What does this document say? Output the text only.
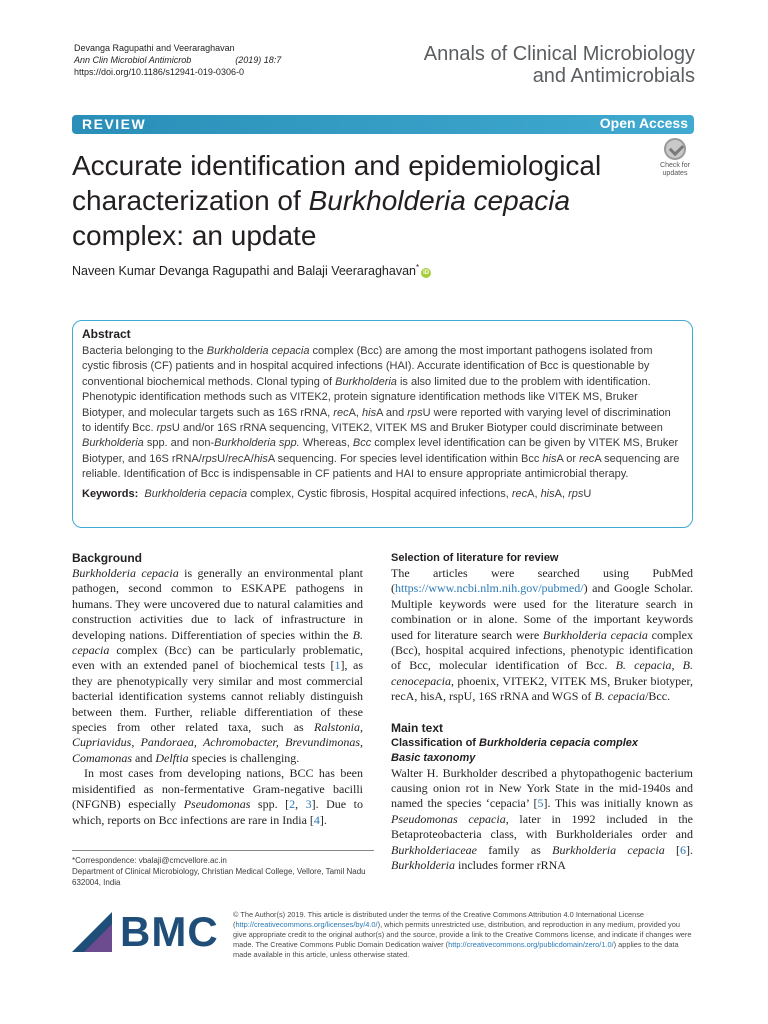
Devanga Ragupathi and Veeraraghavan
Ann Clin Microbiol Antimicrob	(2019) 18:7
https://doi.org/10.1186/s12941-019-0306-0
Annals of Clinical Microbiology
and Antimicrobials
REVIEW	Open Access
Accurate identification and epidemiological characterization of Burkholderia cepacia complex: an update
Check for
updates
Naveen Kumar Devanga Ragupathi and Balaji Veeraraghavan*iD
Abstract

Bacteria belonging to the Burkholderia cepacia complex (Bcc) are among the most important pathogens isolated from cystic fibrosis (CF) patients and in hospital acquired infections (HAI). Accurate identification of Bcc is questionable by conventional biochemical methods. Clonal typing of Burkholderia is also limited due to the problem with identification. Phenotypic identification methods such as VITEK2, protein signature identification methods like VITEK MS, Bruker Biotyper, and molecular targets such as 16S rRNA, recA, hisA and rpsU were reported with varying level of discrimination to identify Bcc. rpsU and/or 16S rRNA sequencing, VITEK2, VITEK MS and Bruker Biotyper could discriminate between Burkholderia spp. and non-Burkholderia spp. Whereas, Bcc complex level identification can be given by VITEK MS, Bruker Biotyper, and 16S rRNA/rpsU/recA/hisA sequencing. For species level identification within Bcc hisA or recA sequencing are reliable. Identification of Bcc is indispensable in CF patients and HAI to ensure appropriate antimicrobial therapy.

Keywords: Burkholderia cepacia complex, Cystic fibrosis, Hospital acquired infections, recA, hisA, rpsU
Background

Burkholderia cepacia is generally an environmental plant pathogen, second common to ESKAPE pathogens in humans. They were uncovered due to natural calamities and construction activities due to lack of infrastructure in developing nations. Differentiation of species within the B. cepacia complex (Bcc) can be particularly problematic, even with an extended panel of biochemical tests [1], as they are phenotypically very similar and most commercial bacterial identification systems cannot reliably distinguish between them. Further, reliable differentiation of these species from other related taxa, such as Ralstonia, Cupriavidus, Pandoraea, Achromobacter, Brevundimonas, Comamonas and Delftia species is challenging.

In most cases from developing nations, BCC has been misidentified as non-fermentative Gram-negative bacilli (NFGNB) especially Pseudomonas spp. [2, 3]. Due to which, reports on Bcc infections are rare in India [4].

*Correspondence: vbalaji@cmcvellore.ac.in
Department of Clinical Microbiology, Christian Medical College, Vellore, Tamil Nadu 632004, India
Selection of literature for review

The articles were searched using PubMed (https://www.ncbi.nlm.nih.gov/pubmed/) and Google Scholar. Multiple keywords were used for the literature search in combination or in alone. Some of the important keywords used for literature search were Burkholderia cepacia complex (Bcc), hospital acquired infections, phenotypic identification of Bcc, molecular identification of Bcc. B. cepacia, B. cenocepacia, phoenix, VITEK2, VITEK MS, Bruker biotyper, recA, hisA, rspU, 16S rRNA and WGS of B. cepacia/Bcc.

Main text
Classification of Burkholderia cepacia complex
Basic taxonomy

Walter H. Burkholder described a phytopathogenic bacterium causing onion rot in New York State in the mid-1940s and named the species ‘cepacia’ [5]. This was initially known as Pseudomonas cepacia, later in 1992 included in the Betaproteobacteria class, with Burkholderiales order and Burkholderiaceae family as Burkholderia cepacia [6]. Burkholderia includes former rRNA

BMC © The Author(s) 2019. This article is distributed under the terms of the Creative Commons Attribution 4.0 International License (http://creativecommons.org/licenses/by/4.0/), which permits unrestricted use, distribution, and reproduction in any medium, provided you give appropriate credit to the original author(s) and the source, provide a link to the Creative Commons license, and indicate if changes were made. The Creative Commons Public Domain Dedication waiver (http://creativecommons.org/publicdomain/zero/1.0/) applies to the data made available in this article, unless otherwise stated.
